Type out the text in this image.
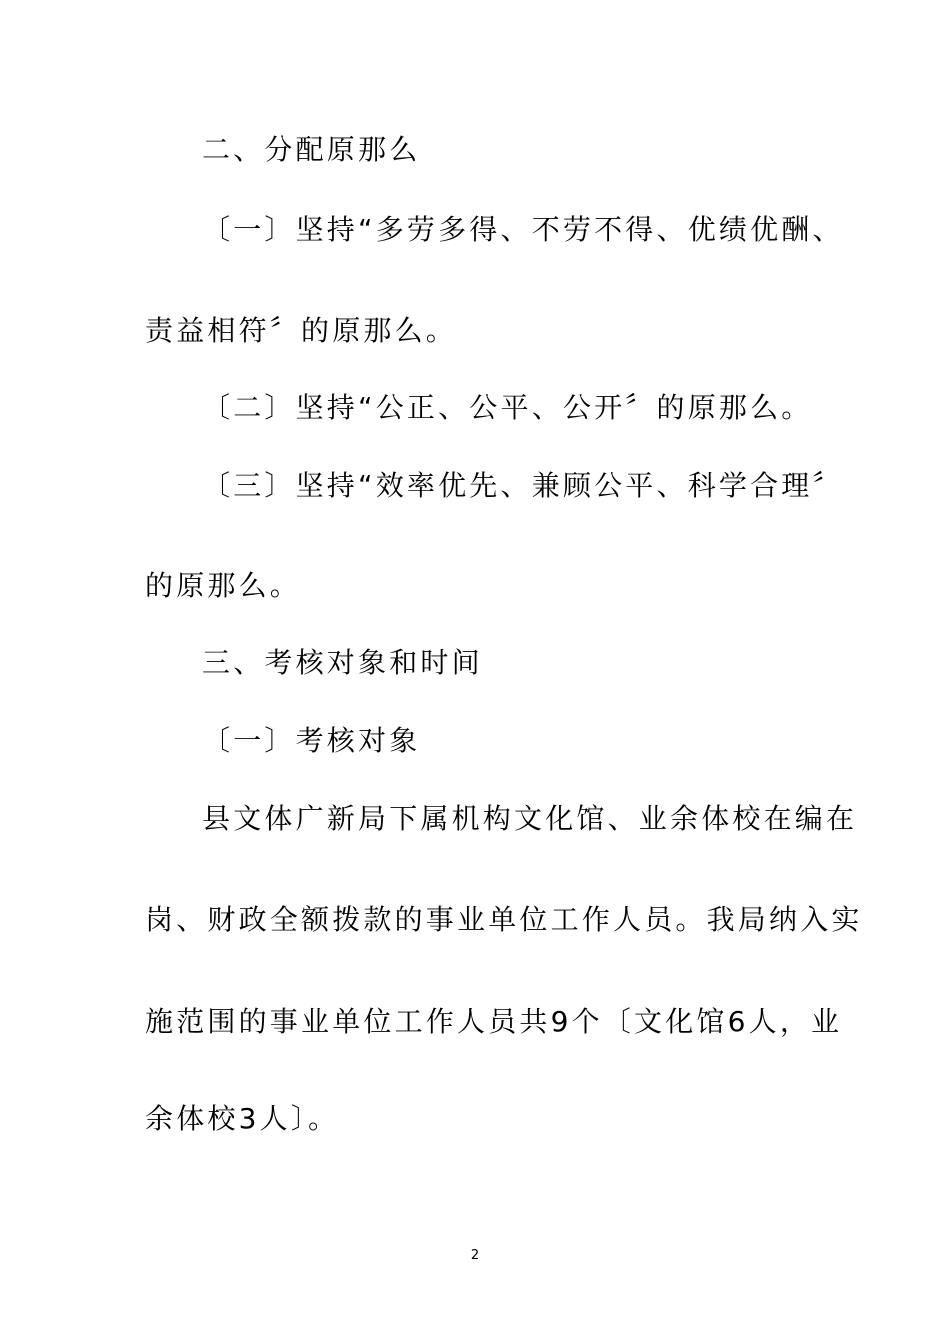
二、分配原那么
〔一〕坚持“多劳多得、不劳不得、优绩优酬、
责益相符〞的原那么。
〔二〕坚持“公正、公平、公开〞的原那么。
〔三〕坚持“效率优先、兼顾公平、科学合理〞
的原那么。
三、考核对象和时间
〔一〕考核对象
县文体广新局下属机构文化馆、业余体校在编在
岗、财政全额拨款的事业单位工作人员。我局纳入实
施范围的事业单位工作人员共9个〔文化馆6人，业
余体校3人〕。
2
